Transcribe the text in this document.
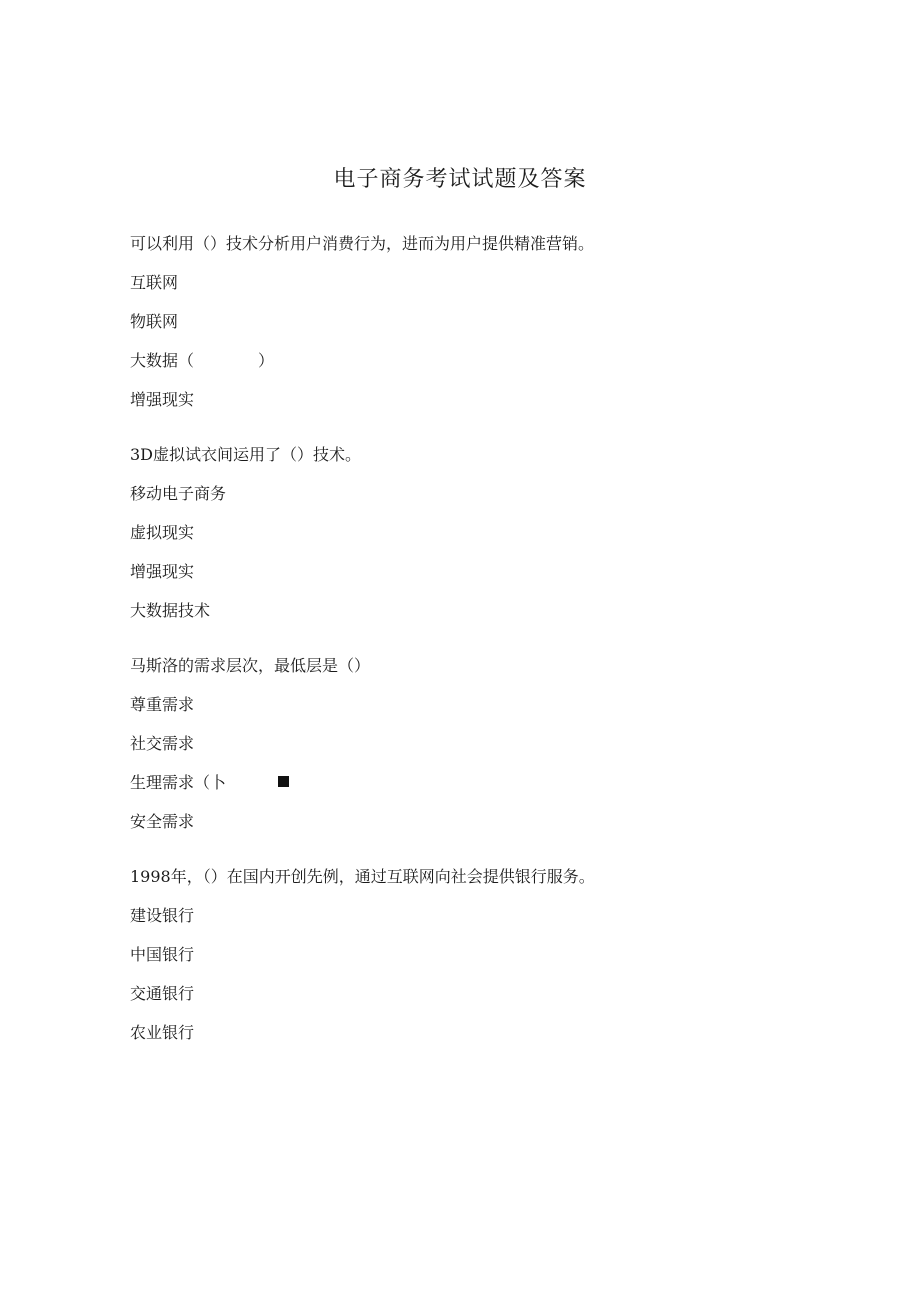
电子商务考试试题及答案
可以利用（）技术分析用户消费行为，进而为用户提供精准营销。
互联网
物联网
大数据（　　　　）
增强现实
3D虚拟试衣间运用了（）技术。
移动电子商务
虚拟现实
增强现实
大数据技术
马斯洛的需求层次，最低层是（）
尊重需求
社交需求
生理需求（卜
安全需求
1998年，（）在国内开创先例，通过互联网向社会提供银行服务。
建设银行
中国银行
交通银行
农业银行
